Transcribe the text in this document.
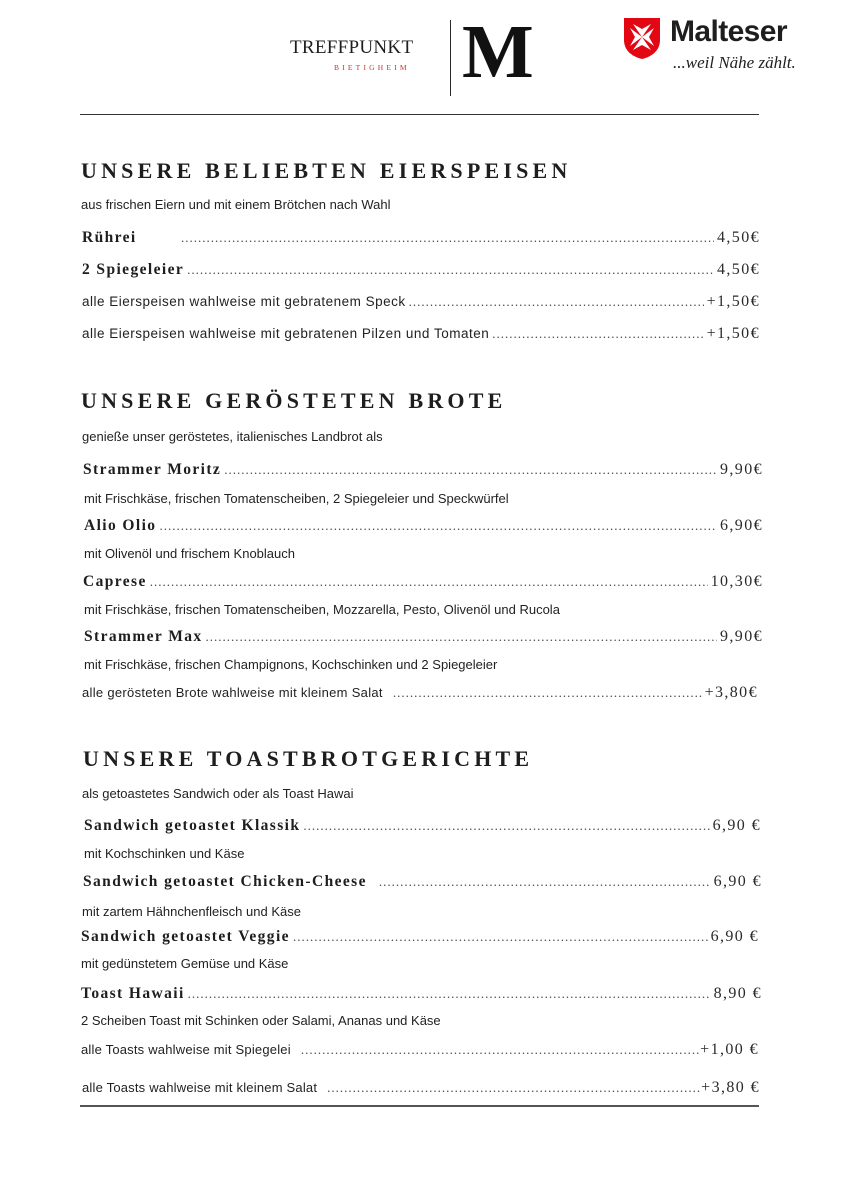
TREFFPUNKT
BIETIGHEIM M	Malteser
...weil Nähe zählt.
UNSERE BELIEBTEN EIERSPEISEN
aus frischen Eiern und mit einem Brötchen nach Wahl
Rührei .....	4,50€
2 Spiegeleier .....	4,50€
alle Eierspeisen wahlweise mit gebratenem Speck .....	+1,50€
alle Eierspeisen wahlweise mit gebratenen Pilzen und Tomaten .....	+1,50€
UNSERE GERÖSTETEN BROTE
genieße unser geröstetes, italienisches Landbrot als
Strammer Moritz .....	9,90€
mit Frischkäse, frischen Tomatenscheiben, 2 Spiegeleier und Speckwürfel
Alio Olio .....	6,90€
mit Olivenöl und frischem Knoblauch
Caprese .....	10,30€
mit Frischkäse, frischen Tomatenscheiben, Mozzarella, Pesto, Olivenöl und Rucola
Strammer Max .....	9,90€
mit Frischkäse, frischen Champignons, Kochschinken und 2 Spiegeleier
alle gerösteten Brote wahlweise mit kleinem Salat .....	+3,80€
UNSERE TOASTBROTGERICHTE
als getoastetes Sandwich oder als Toast Hawai
Sandwich getoastet Klassik .....	6,90 €
mit Kochschinken und Käse
Sandwich getoastet Chicken-Cheese .....	6,90 €
mit zartem Hähnchenfleisch und Käse
Sandwich getoastet Veggie .....	6,90 €
mit gedünstetem Gemüse und Käse
Toast Hawaii .....	8,90 €
2 Scheiben Toast mit Schinken oder Salami, Ananas und Käse
alle Toasts wahlweise mit Spiegelei .....	+1,00 €
alle Toasts wahlweise mit kleinem Salat .....	+3,80 €
